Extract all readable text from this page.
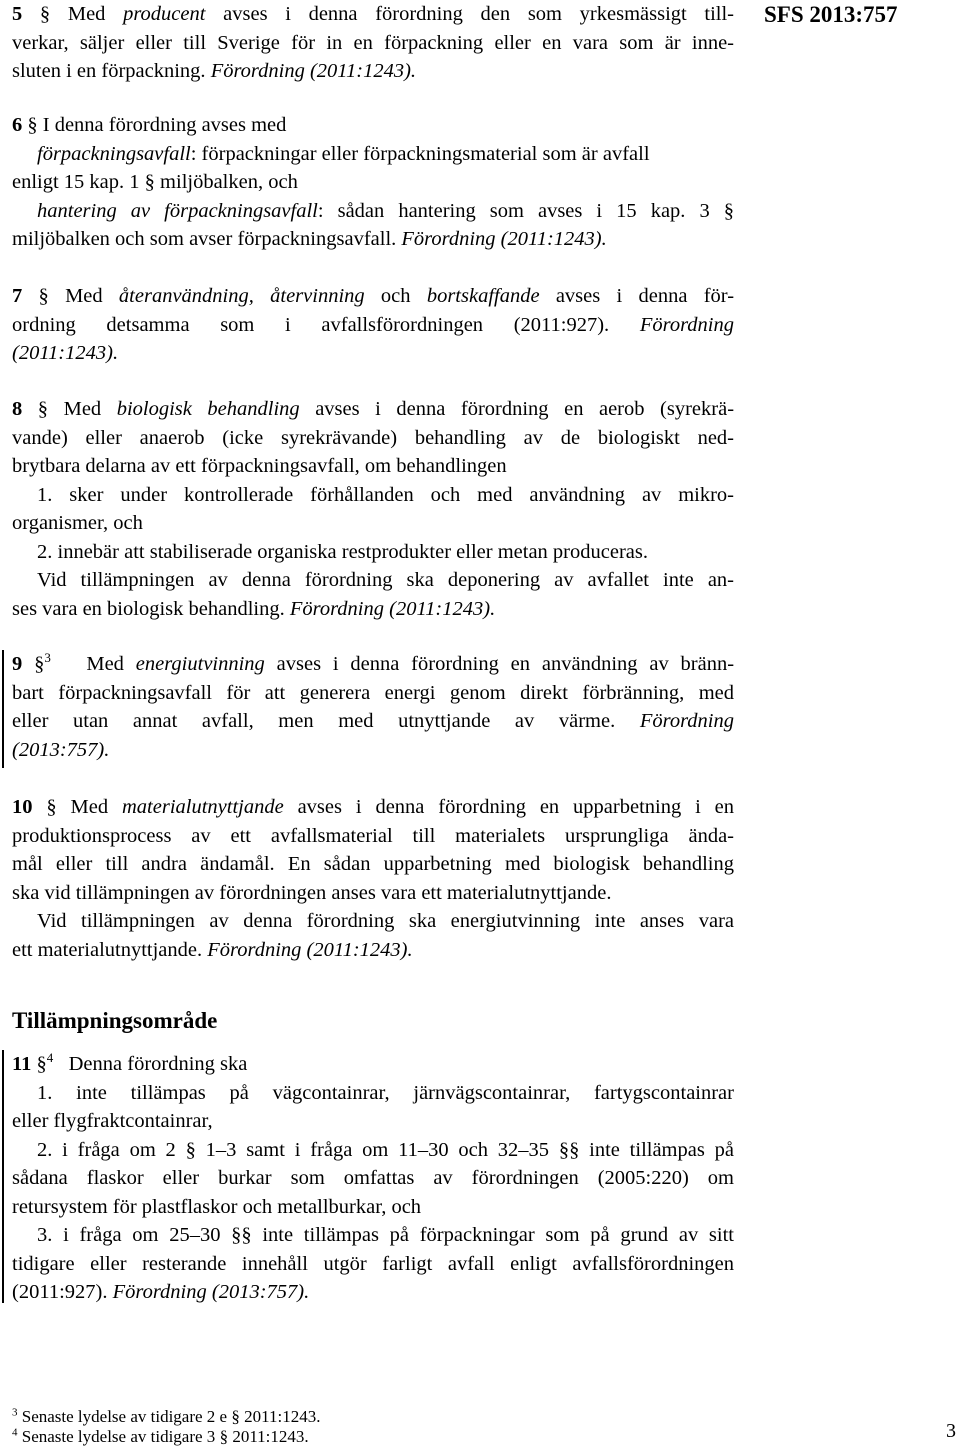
SFS 2013:757
5 § Med producent avses i denna förordning den som yrkesmässigt till-
verkar, säljer eller till Sverige för in en förpackning eller en vara som är inne-
sluten i en förpackning. Förordning (2011:1243).
6 § I denna förordning avses med
förpackningsavfall: förpackningar eller förpackningsmaterial som är avfall
enligt 15 kap. 1 § miljöbalken, och
hantering av förpackningsavfall: sådan hantering som avses i 15 kap. 3 §
miljöbalken och som avser förpackningsavfall. Förordning (2011:1243).
7 § Med återanvändning, återvinning och bortskaffande avses i denna för-
ordning detsamma som i avfallsförordningen (2011:927). Förordning
(2011:1243).
8 § Med biologisk behandling avses i denna förordning en aerob (syrekrä-
vande) eller anaerob (icke syrekrävande) behandling av de biologiskt ned-
brytbara delarna av ett förpackningsavfall, om behandlingen
1. sker under kontrollerade förhållanden och med användning av mikro-
organismer, och
2. innebär att stabiliserade organiska restprodukter eller metan produceras.
Vid tillämpningen av denna förordning ska deponering av avfallet inte an-
ses vara en biologisk behandling. Förordning (2011:1243).
9 §$^3$ Med energiutvinning avses i denna förordning en användning av bränn-
bart förpackningsavfall för att generera energi genom direkt förbränning, med
eller utan annat avfall, men med utnyttjande av värme. Förordning
(2013:757).
10 § Med materialutnyttjande avses i denna förordning en upparbetning i en
produktionsprocess av ett avfallsmaterial till materialets ursprungliga ända-
mål eller till andra ändamål. En sådan upparbetning med biologisk behandling
ska vid tillämpningen av förordningen anses vara ett materialutnyttjande.
Vid tillämpningen av denna förordning ska energiutvinning inte anses vara
ett materialutnyttjande. Förordning (2011:1243).
Tillämpningsområde
11 §$^4$ Denna förordning ska
1. inte tillämpas på vägcontainrar, järnvägscontainrar, fartygscontainrar
eller flygfraktcontainrar,
2. i fråga om 2 § 1–3 samt i fråga om 11–30 och 32–35 §§ inte tillämpas på
sådana flaskor eller burkar som omfattas av förordningen (2005:220) om
retursystem för plastflaskor och metallburkar, och
3. i fråga om 25–30 §§ inte tillämpas på förpackningar som på grund av sitt
tidigare eller resterande innehåll utgör farligt avfall enligt avfallsförordningen
(2011:927). Förordning (2013:757).
$^3$ Senaste lydelse av tidigare 2 e § 2011:1243.
$^4$ Senaste lydelse av tidigare 3 § 2011:1243.	3
